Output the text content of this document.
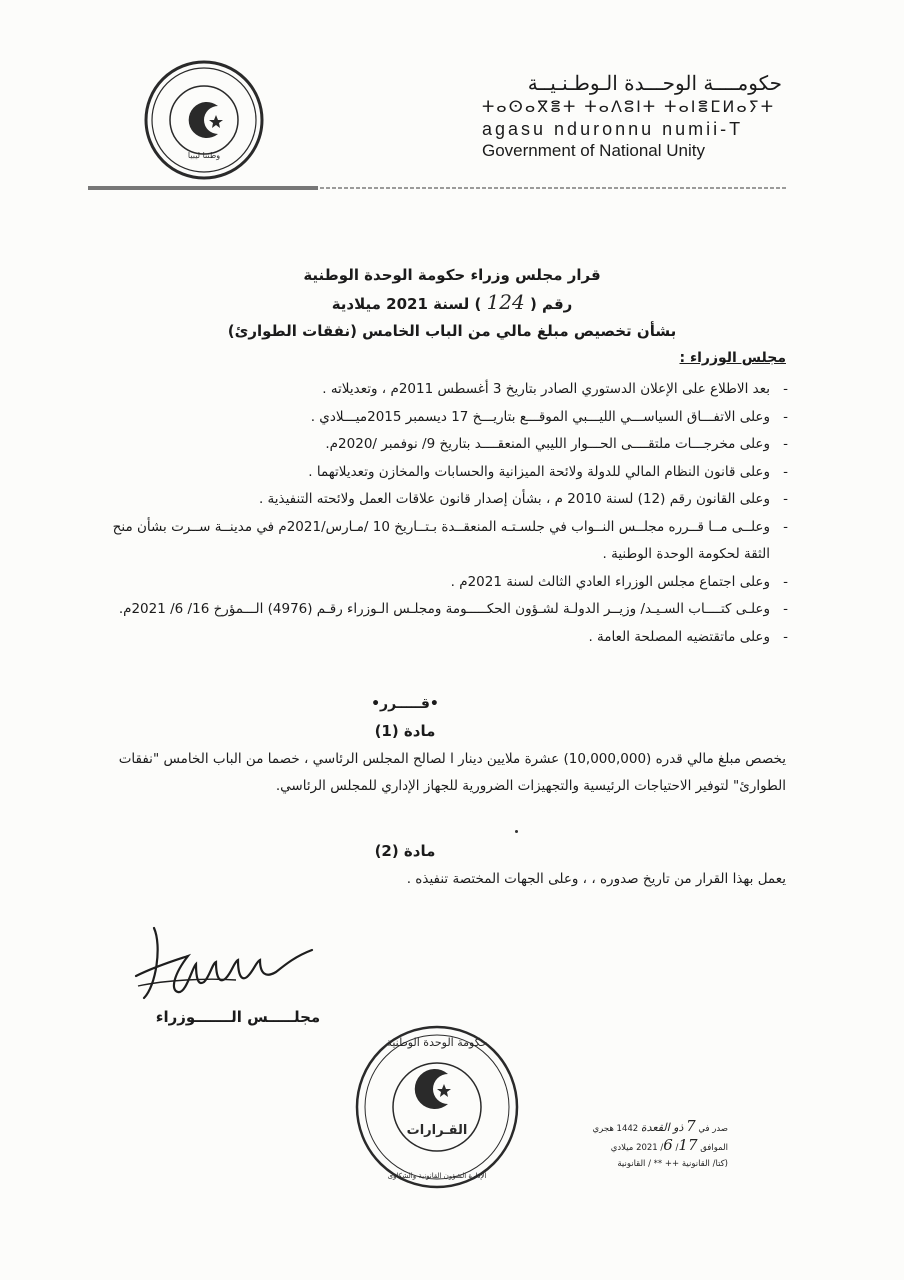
حكومــــة الوحـــدة الـوطـنـيــة

ⵜⴰⵙⴰⴳⴻⵜ ⵜⴰⴷⵓⵏⵜ ⵜⴰⵏⴻⵎⵍⴰⵢⵜ

agasu nduronnu numii-T

Government of National Unity

وطننا ليبيا
قرار مجلس وزراء حكومة الوحدة الوطنية
رقم ( 124 ) لسنة 2021 ميلادية
بشأن تخصيص مبلغ مالي من الباب الخامس (نفقات الطوارئ)
مجلس الوزراء :
- بعد الاطلاع على الإعلان الدستوري الصادر بتاريخ 3 أغسطس 2011م ، وتعديلاته .
- وعلى الاتفـــاق السياســـي الليـــبي الموقـــع بتاريـــخ 17 ديسمبر 2015ميـــلادي .
- وعلى مخرجـــات ملتقــــى الحـــوار الليبي المنعقــــد بتاريخ 9/ نوفمبر /2020م.
- وعلى قانون النظام المالي للدولة ولائحة الميزانية والحسابات والمخازن وتعديلاتهما .
- وعلى القانون رقم (12) لسنة 2010 م ، بشأن إصدار قانون علاقات العمل ولائحته التنفيذية .
- وعلــى مــا قــرره مجلــس النــواب في جلسـتـه المنعقــدة بـتــاريخ 10 /مـارس/2021م في مدينــة ســرت بشأن منح الثقة لحكومة الوحدة الوطنية .
- وعلى اجتماع مجلس الوزراء العادي الثالث لسنة 2021م .
- وعلـى كتــــاب السـيـد/ وزيــر الدولـة لشـؤون الحكـــــومة ومجلـس الـوزراء رقـم (4976) الـــمؤرخ 16/ 6/ 2021م.
- وعلى ماتقتضيه المصلحة العامة .
•قـــــرر•
مادة (1)

يخصص مبلغ مالي قدره (10,000,000) عشرة ملايين دينار ا لصالح المجلس الرئاسي ، خصما من الباب الخامس "نفقات الطوارئ" لتوفير الاحتياجات الرئيسية والتجهيزات الضرورية للجهاز الإداري للمجلس الرئاسي.

مادة (2)

يعمل بهذا القرار من تاريخ صدوره ، ، وعلى الجهات المختصة تنفيذه .

مجلـــــس الـــــــوزراء
حكومة الوحدة الوطنية
الإدارة الشؤون القانونية والشكاوى
القـرارات	صدر في 7 ذو القعدة 1442 هجري
الموافق 17/ 6/ 2021 ميلادي
(كتا/ القانونية ++ ** / القانونية
